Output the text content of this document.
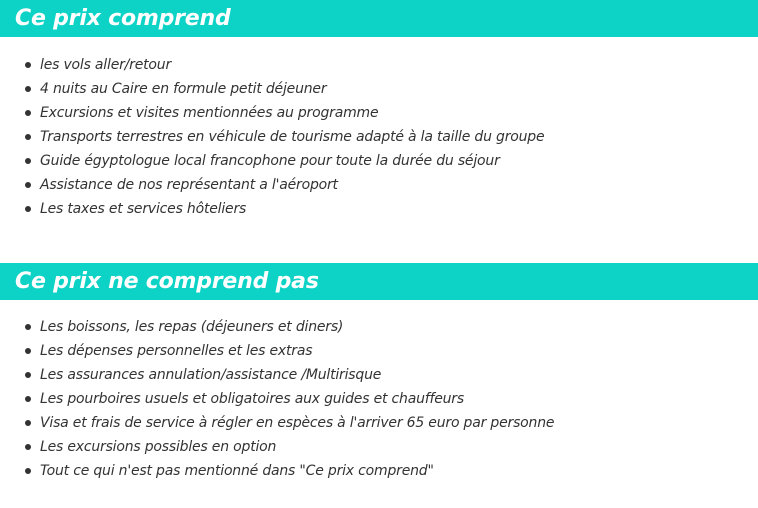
Ce prix comprend
les vols aller/retour
4 nuits au Caire en formule petit déjeuner
Excursions et visites mentionnées au programme
Transports terrestres en véhicule de tourisme adapté à la taille du groupe
Guide égyptologue local francophone pour toute la durée du séjour
Assistance de nos représentant a l'aéroport
Les taxes et services hôteliers
Ce prix ne comprend pas
Les boissons, les repas (déjeuners et diners)
Les dépenses personnelles et les extras
Les assurances annulation/assistance /Multirisque
Les pourboires usuels et obligatoires aux guides et chauffeurs
Visa et frais de service à régler en espèces à l'arriver 65 euro par personne
Les excursions possibles en option
Tout ce qui n'est pas mentionné dans "Ce prix comprend"
